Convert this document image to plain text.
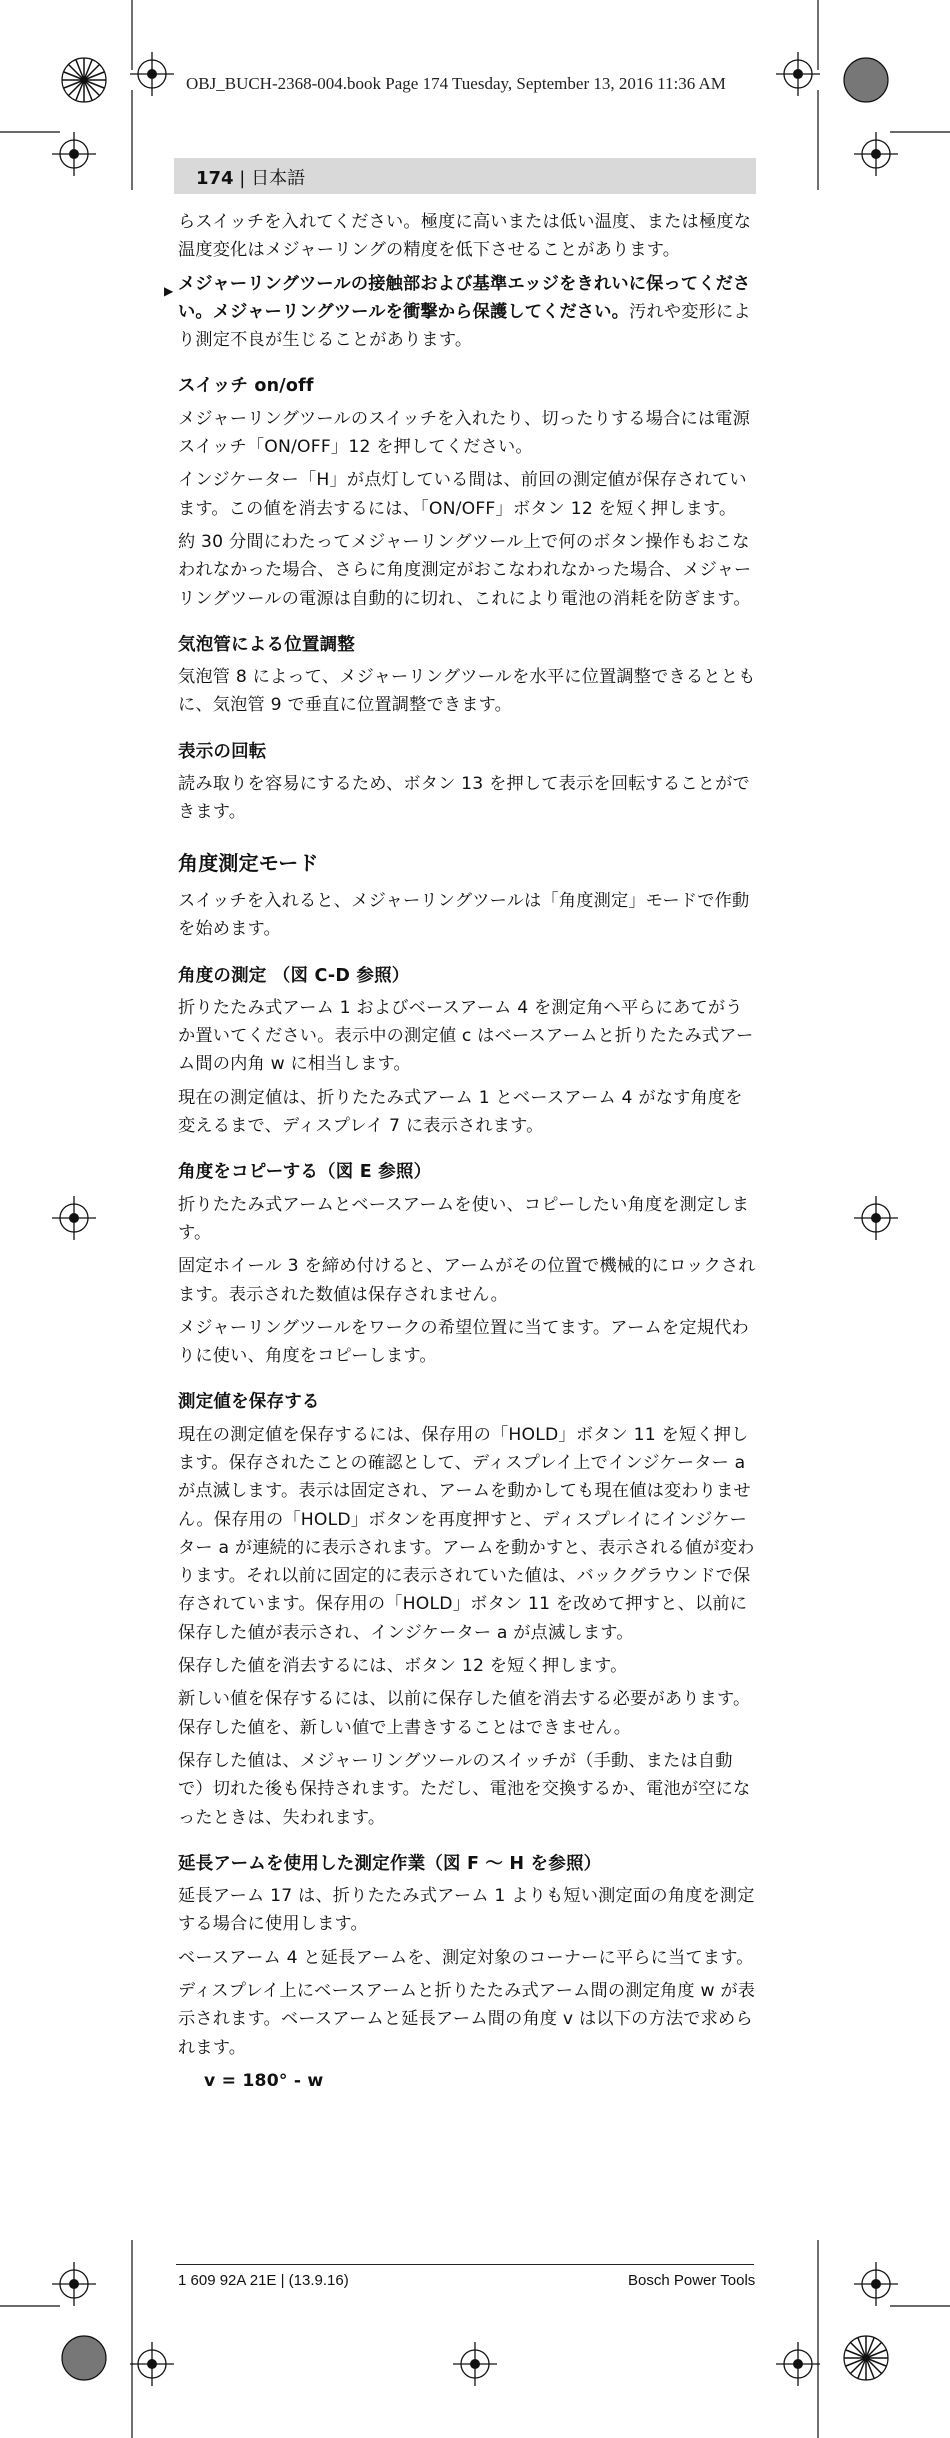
OBJ_BUCH-2368-004.book Page 174 Tuesday, September 13, 2016 11:36 AM
174 | 日本語

らスイッチを入れてください。極度に高いまたは低い温度、または極度な温度変化はメジャーリングの精度を低下させることがあります。

▶ メジャーリングツールの接触部および基準エッジをきれいに保ってください。メジャーリングツールを衝撃から保護してください。汚れや変形により測定不良が生じることがあります。

スイッチ on/off

メジャーリングツールのスイッチを入れたり、切ったりする場合には電源スイッチ「ON/OFF」12 を押してください。

インジケーター「H」が点灯している間は、前回の測定値が保存されています。この値を消去するには、「ON/OFF」ボタン 12 を短く押します。

約 30 分間にわたってメジャーリングツール上で何のボタン操作もおこなわれなかった場合、さらに角度測定がおこなわれなかった場合、メジャーリングツールの電源は自動的に切れ、これにより電池の消耗を防ぎます。

気泡管による位置調整

気泡管 8 によって、メジャーリングツールを水平に位置調整できるとともに、気泡管 9 で垂直に位置調整できます。

表示の回転

読み取りを容易にするため、ボタン 13 を押して表示を回転することができます。

角度測定モード

スイッチを入れると、メジャーリングツールは「角度測定」モードで作動を始めます。

角度の測定 （図 C-D 参照）

折りたたみ式アーム 1 およびベースアーム 4 を測定角へ平らにあてがうか置いてください。表示中の測定値 c はベースアームと折りたたみ式アーム間の内角 w に相当します。

現在の測定値は、折りたたみ式アーム 1 とベースアーム 4 がなす角度を変えるまで、ディスプレイ 7 に表示されます。

角度をコピーする（図 E 参照）

折りたたみ式アームとベースアームを使い、コピーしたい角度を測定します。

固定ホイール 3 を締め付けると、アームがその位置で機械的にロックされます。表示された数値は保存されません。

メジャーリングツールをワークの希望位置に当てます。アームを定規代わりに使い、角度をコピーします。

測定値を保存する

現在の測定値を保存するには、保存用の「HOLD」ボタン 11 を短く押します。保存されたことの確認として、ディスプレイ上でインジケーター a が点滅します。表示は固定され、アームを動かしても現在値は変わりません。保存用の「HOLD」ボタンを再度押すと、ディスプレイにインジケーター a が連続的に表示されます。アームを動かすと、表示される値が変わります。それ以前に固定的に表示されていた値は、バックグラウンドで保存されています。保存用の「HOLD」ボタン 11 を改めて押すと、以前に保存した値が表示され、インジケーター a が点滅します。

保存した値を消去するには、ボタン 12 を短く押します。

新しい値を保存するには、以前に保存した値を消去する必要があります。保存した値を、新しい値で上書きすることはできません。

保存した値は、メジャーリングツールのスイッチが（手動、または自動で）切れた後も保持されます。ただし、電池を交換するか、電池が空になったときは、失われます。

延長アームを使用した測定作業（図 F ～ H を参照）

延長アーム 17 は、折りたたみ式アーム 1 よりも短い測定面の角度を測定する場合に使用します。

ベースアーム 4 と延長アームを、測定対象のコーナーに平らに当てます。

ディスプレイ上にベースアームと折りたたみ式アーム間の測定角度 w が表示されます。ベースアームと延長アーム間の角度 v は以下の方法で求められます。

v = 180° - w

1 609 92A 21E | (13.9.16)	Bosch Power Tools
